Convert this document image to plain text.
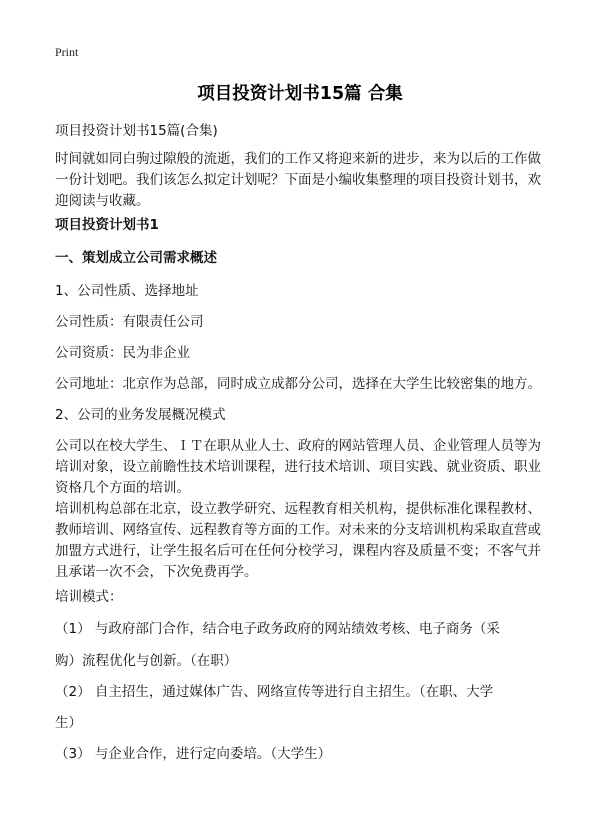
Print
项目投资计划书15篇 合集
项目投资计划书15篇(合集)
时间就如同白驹过隙般的流逝，我们的工作又将迎来新的进步，来为以后的工作做一份计划吧。我们该怎么拟定计划呢？下面是小编收集整理的项目投资计划书，欢迎阅读与收藏。
项目投资计划书1
一、策划成立公司需求概述
1、公司性质、选择地址
公司性质：有限责任公司
公司资质：民为非企业
公司地址：北京作为总部，同时成立成都分公司，选择在大学生比较密集的地方。
2、公司的业务发展概况模式
公司以在校大学生、ＩＴ在职从业人士、政府的网站管理人员、企业管理人员等为培训对象，设立前瞻性技术培训课程，进行技术培训、项目实践、就业资质、职业资格几个方面的培训。
培训机构总部在北京，设立教学研究、远程教育相关机构，提供标准化课程教材、教师培训、网络宣传、远程教育等方面的工作。对未来的分支培训机构采取直营或加盟方式进行，让学生报名后可在任何分校学习，课程内容及质量不变；不客气并且承诺一次不会，下次免费再学。
培训模式：
（1） 与政府部门合作，结合电子政务政府的网站绩效考核、电子商务（采
购）流程优化与创新。（在职）
（2） 自主招生，通过媒体广告、网络宣传等进行自主招生。（在职、大学
生）
（3） 与企业合作，进行定向委培。（大学生）
